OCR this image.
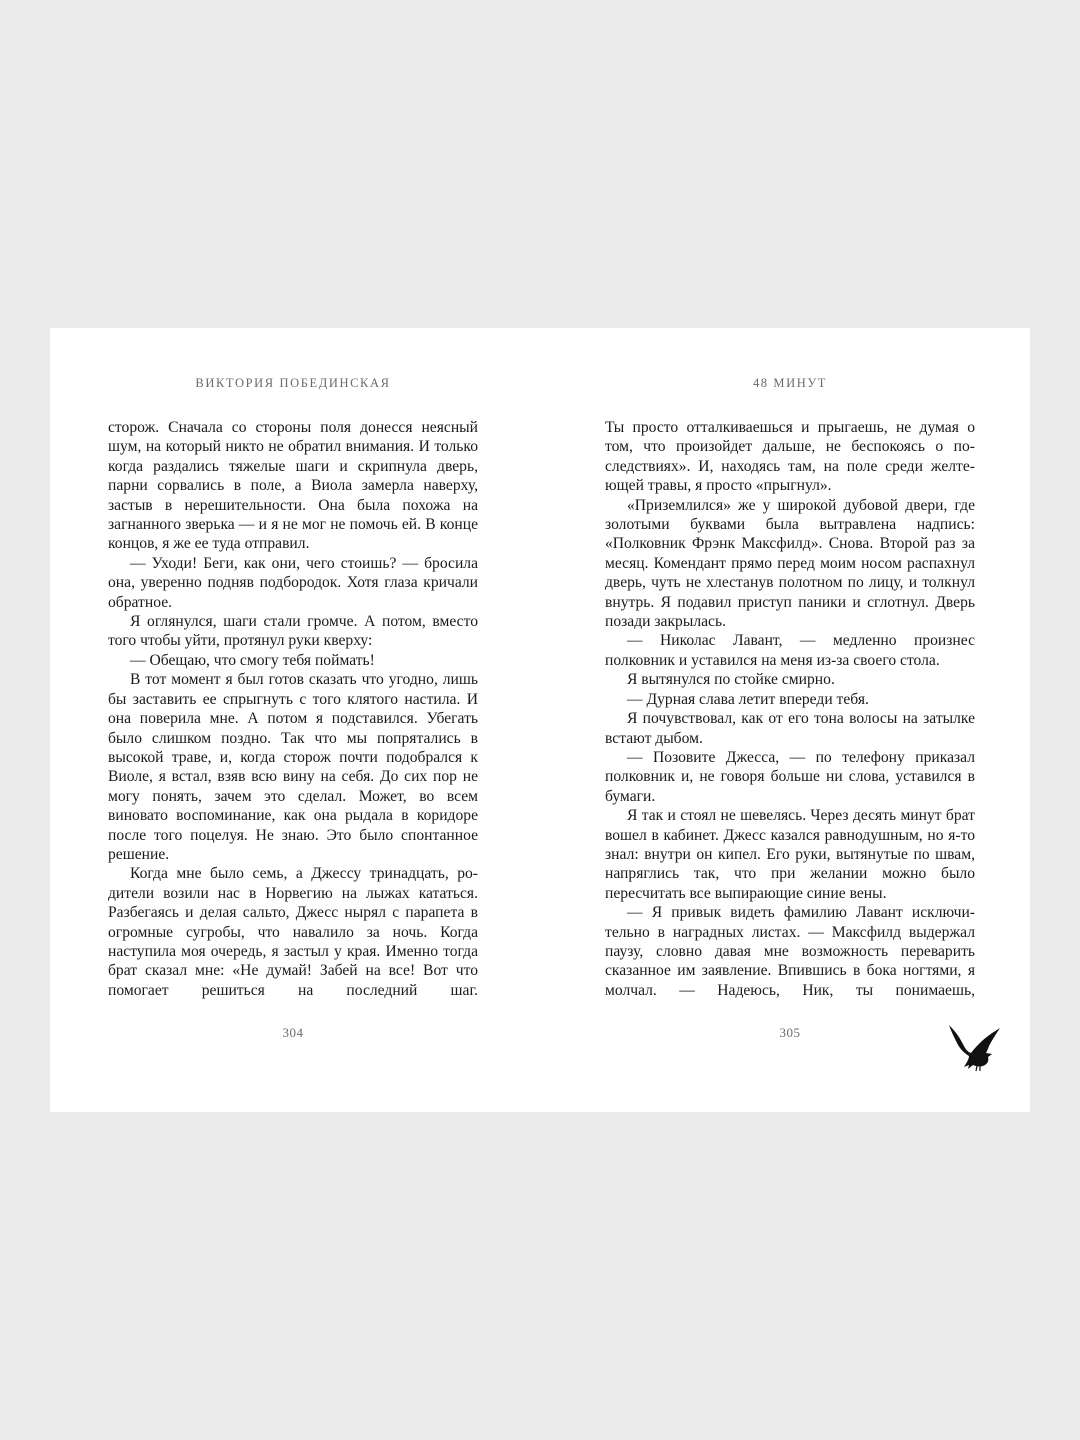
ВИКТОРИЯ ПОБЕДИНСКАЯ

сторож. Сначала со стороны поля донесся неясный шум, на который никто не обратил внимания. И только когда раздались тяжелые шаги и скрипнула дверь, парни сорвались в поле, а Виола замерла наверху, застыв в нерешительности. Она была похожа на загнанного зверька — и я не мог не помочь ей. В конце концов, я же ее туда отправил.

— Уходи! Беги, как они, чего стоишь? — бросила она, уверенно подняв подбородок. Хотя глаза кричали обратное.

Я оглянулся, шаги стали громче. А потом, вместо того чтобы уйти, протянул руки кверху:

— Обещаю, что смогу тебя поймать!

В тот момент я был готов сказать что угодно, лишь бы заставить ее спрыгнуть с того клятого настила. И она поверила мне. А потом я подставился. Убегать было слишком поздно. Так что мы попрятались в высокой траве, и, когда сторож почти подобрался к Виоле, я встал, взяв всю вину на себя. До сих пор не могу понять, зачем это сделал. Может, во всем виновато воспоминание, как она рыдала в коридоре после того поцелуя. Не знаю. Это было спонтанное решение.

Когда мне было семь, а Джессу тринадцать, родители возили нас в Норвегию на лыжах кататься. Разбегаясь и делая сальто, Джесс нырял с парапета в огромные сугробы, что навалило за ночь. Когда наступила моя очередь, я застыл у края. Именно тогда брат сказал мне: «Не думай! Забей на все! Вот что помогает решиться на последний шаг.

304
48 МИНУТ

Ты просто отталкиваешься и прыгаешь, не думая о том, что произойдет дальше, не беспокоясь о последствиях». И, находясь там, на поле среди желтеющей травы, я просто «прыгнул».

«Приземлился» же у широкой дубовой двери, где золотыми буквами была вытравлена надпись: «Полковник Фрэнк Максфилд». Снова. Второй раз за месяц. Комендант прямо перед моим носом распахнул дверь, чуть не хлестанув полотном по лицу, и толкнул внутрь. Я подавил приступ паники и сглотнул. Дверь позади закрылась.

— Николас Лавант, — медленно произнес полковник и уставился на меня из-за своего стола.

Я вытянулся по стойке смирно.

— Дурная слава летит впереди тебя.

Я почувствовал, как от его тона волосы на затылке встают дыбом.

— Позовите Джесса, — по телефону приказал полковник и, не говоря больше ни слова, уставился в бумаги.

Я так и стоял не шевелясь. Через десять минут брат вошел в кабинет. Джесс казался равнодушным, но я-то знал: внутри он кипел. Его руки, вытянутые по швам, напряглись так, что при желании можно было пересчитать все выпирающие синие вены.

— Я привык видеть фамилию Лавант исключительно в наградных листах. — Максфилд выдержал паузу, словно давая мне возможность переварить сказанное им заявление. Впившись в бока ногтями, я молчал. — Надеюсь, Ник, ты понимаешь,

305
